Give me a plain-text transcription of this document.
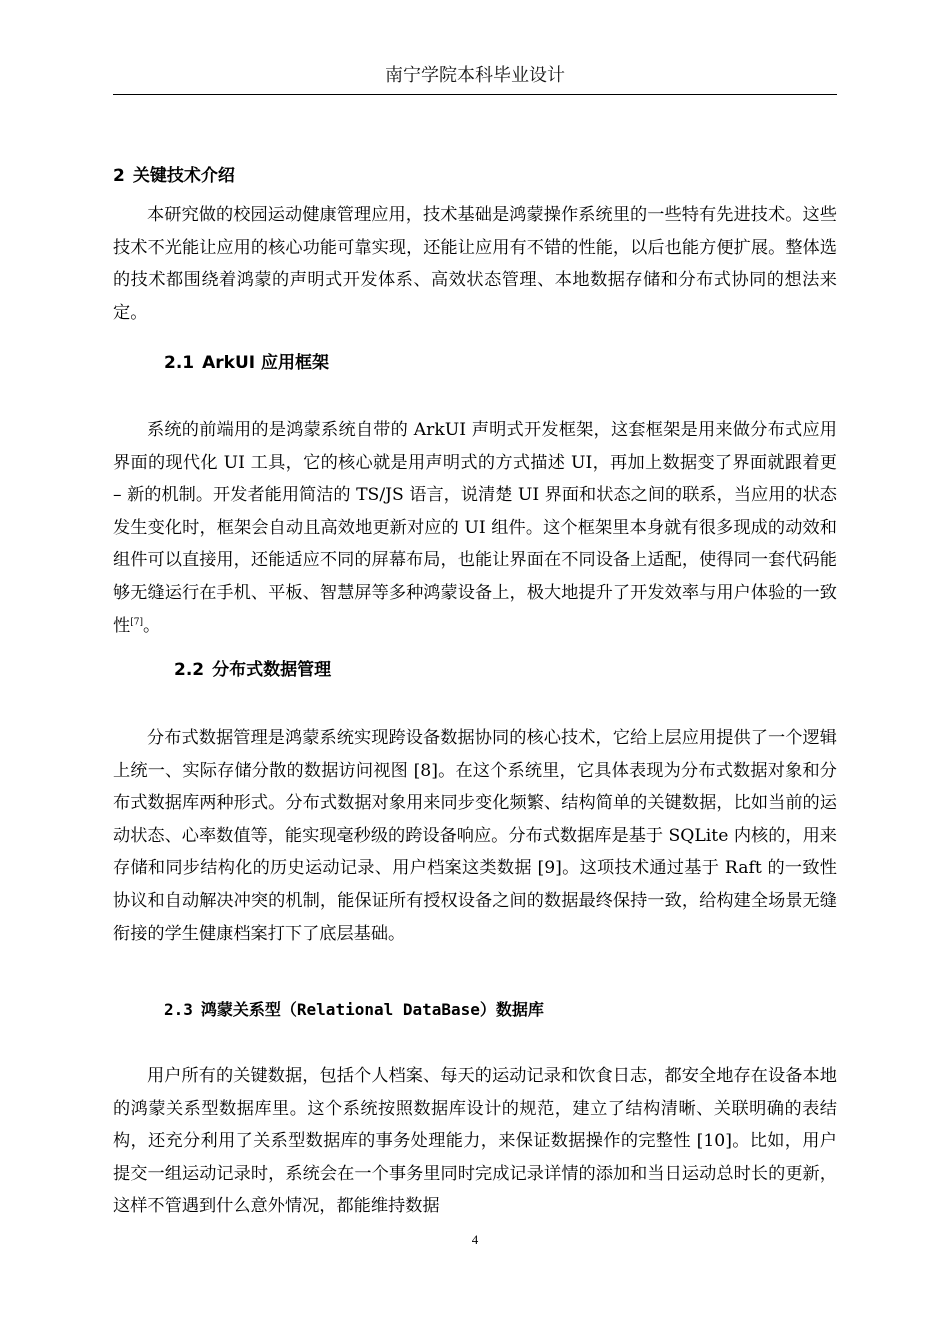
南宁学院本科毕业设计
2 关键技术介绍

本研究做的校园运动健康管理应用，技术基础是鸿蒙操作系统里的一些特有先进技术。这些技术不光能让应用的核心功能可靠实现，还能让应用有不错的性能，以后也能方便扩展。整体选的技术都围绕着鸿蒙的声明式开发体系、高效状态管理、本地数据存储和分布式协同的想法来定。

2.1 ArkUI 应用框架

系统的前端用的是鸿蒙系统自带的 ArkUI 声明式开发框架，这套框架是用来做分布式应用界面的现代化 UI 工具，它的核心就是用声明式的方式描述 UI，再加上数据变了界面就跟着更 – 新的机制。开发者能用简洁的 TS/JS 语言，说清楚 UI 界面和状态之间的联系，当应用的状态发生变化时，框架会自动且高效地更新对应的 UI 组件。这个框架里本身就有很多现成的动效和组件可以直接用，还能适应不同的屏幕布局，也能让界面在不同设备上适配，使得同一套代码能够无缝运行在手机、平板、智慧屏等多种鸿蒙设备上，极大地提升了开发效率与用户体验的一致性[7]。

2.2 分布式数据管理

分布式数据管理是鸿蒙系统实现跨设备数据协同的核心技术，它给上层应用提供了一个逻辑上统一、实际存储分散的数据访问视图 [8]。在这个系统里，它具体表现为分布式数据对象和分布式数据库两种形式。分布式数据对象用来同步变化频繁、结构简单的关键数据，比如当前的运动状态、心率数值等，能实现毫秒级的跨设备响应。分布式数据库是基于 SQLite 内核的，用来存储和同步结构化的历史运动记录、用户档案这类数据 [9]。这项技术通过基于 Raft 的一致性协议和自动解决冲突的机制，能保证所有授权设备之间的数据最终保持一致，给构建全场景无缝衔接的学生健康档案打下了底层基础。

2.3 鸿蒙关系型（Relational DataBase）数据库

用户所有的关键数据，包括个人档案、每天的运动记录和饮食日志，都安全地存在设备本地的鸿蒙关系型数据库里。这个系统按照数据库设计的规范，建立了结构清晰、关联明确的表结构，还充分利用了关系型数据库的事务处理能力，来保证数据操作的完整性 [10]。比如，用户提交一组运动记录时，系统会在一个事务里同时完成记录详情的添加和当日运动总时长的更新，这样不管遇到什么意外情况，都能维持数据

4
